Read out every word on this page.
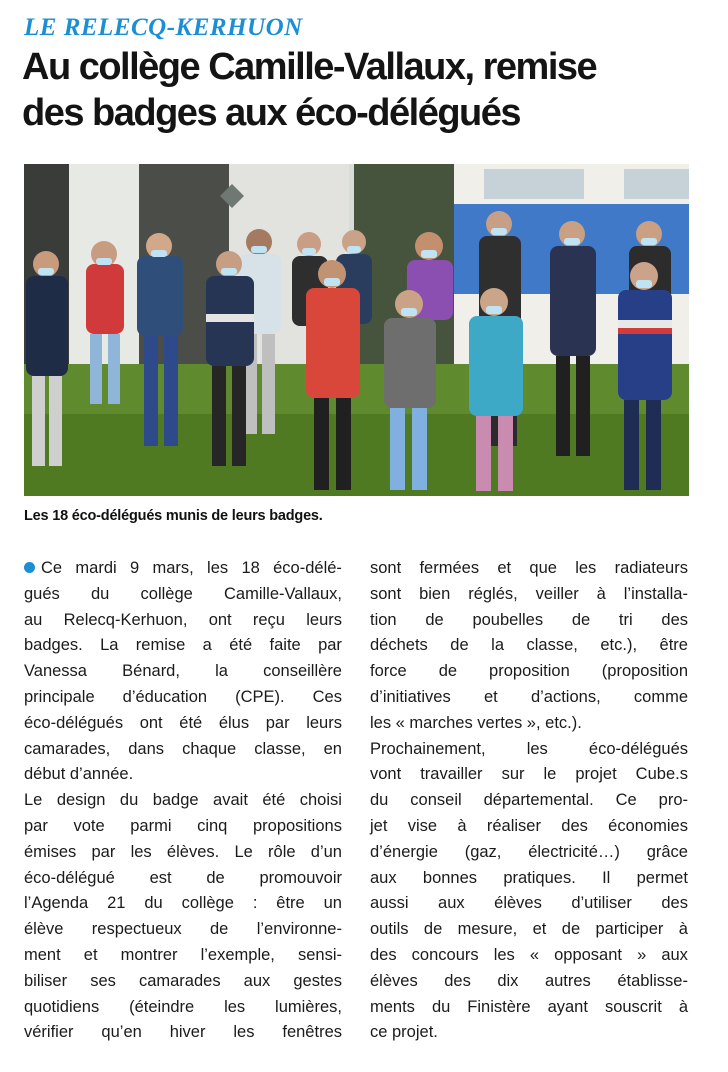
LE RELECQ-KERHUON
Au collège Camille-Vallaux, remise
des badges aux éco-délégués
Les 18 éco-délégués munis de leurs badges.
Ce mardi 9 mars, les 18 éco-délé-
gués du collège Camille-Vallaux,
au Relecq-Kerhuon, ont reçu leurs
badges. La remise a été faite par
Vanessa Bénard, la conseillère
principale d’éducation (CPE). Ces
éco-délégués ont été élus par leurs
camarades, dans chaque classe, en
début d’année.
Le design du badge avait été choisi
par vote parmi cinq propositions
émises par les élèves. Le rôle d’un
éco-délégué est de promouvoir
l’Agenda 21 du collège : être un
élève respectueux de l’environne-
ment et montrer l’exemple, sensi-
biliser ses camarades aux gestes
quotidiens (éteindre les lumières,
vérifier qu’en hiver les fenêtres
sont fermées et que les radiateurs
sont bien réglés, veiller à l’installa-
tion de poubelles de tri des
déchets de la classe, etc.), être
force de proposition (proposition
d’initiatives et d’actions, comme
les « marches vertes », etc.).
Prochainement, les éco-délégués
vont travailler sur le projet Cube.s
du conseil départemental. Ce pro-
jet vise à réaliser des économies
d’énergie (gaz, électricité…) grâce
aux bonnes pratiques. Il permet
aussi aux élèves d’utiliser des
outils de mesure, et de participer à
des concours les « opposant » aux
élèves des dix autres établisse-
ments du Finistère ayant souscrit à
ce projet.
